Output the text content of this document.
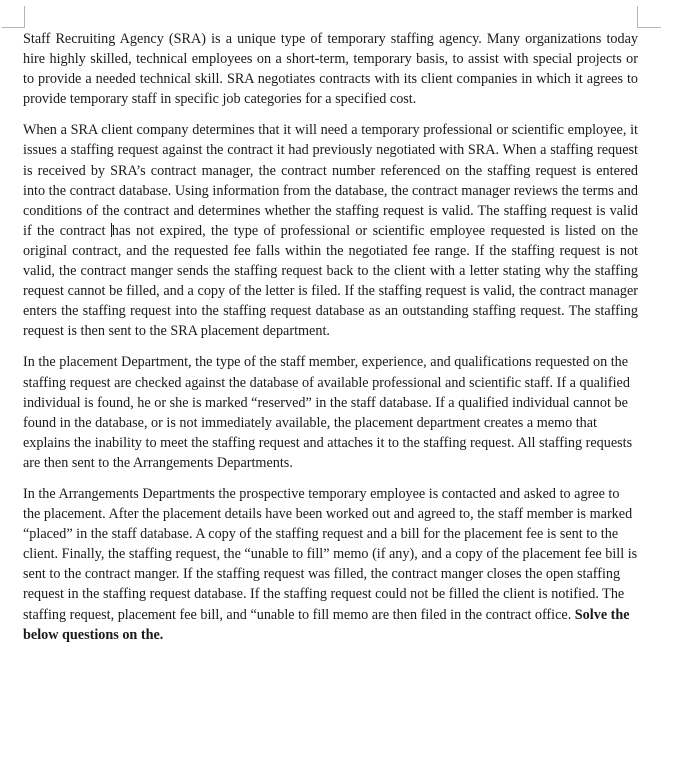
Staff Recruiting Agency (SRA) is a unique type of temporary staffing agency. Many organizations today hire highly skilled, technical employees on a short-term, temporary basis, to assist with special projects or to provide a needed technical skill. SRA negotiates contracts with its client companies in which it agrees to provide temporary staff in specific job categories for a specified cost.

When a SRA client company determines that it will need a temporary professional or scientific employee, it issues a staffing request against the contract it had previously negotiated with SRA. When a staffing request is received by SRA’s contract manager, the contract number referenced on the staffing request is entered into the contract database. Using information from the database, the contract manager reviews the terms and conditions of the contract and determines whether the staffing request is valid. The staffing request is valid if the contract has not expired, the type of professional or scientific employee requested is listed on the original contract, and the requested fee falls within the negotiated fee range. If the staffing request is not valid, the contract manger sends the staffing request back to the client with a letter stating why the staffing request cannot be filled, and a copy of the letter is filed. If the staffing request is valid, the contract manager enters the staffing request into the staffing request database as an outstanding staffing request. The staffing request is then sent to the SRA placement department.

In the placement Department, the type of the staff member, experience, and qualifications requested on the staffing request are checked against the database of available professional and scientific staff. If a qualified individual is found, he or she is marked “reserved” in the staff database. If a qualified individual cannot be found in the database, or is not immediately available, the placement department creates a memo that explains the inability to meet the staffing request and attaches it to the staffing request. All staffing requests are then sent to the Arrangements Departments.

In the Arrangements Departments the prospective temporary employee is contacted and asked to agree to the placement. After the placement details have been worked out and agreed to, the staff member is marked “placed” in the staff database. A copy of the staffing request and a bill for the placement fee is sent to the client. Finally, the staffing request, the “unable to fill” memo (if any), and a copy of the placement fee bill is sent to the contract manger. If the staffing request was filled, the contract manger closes the open staffing request in the staffing request database. If the staffing request could not be filled the client is notified. The staffing request, placement fee bill, and “unable to fill memo are then filed in the contract office. Solve the below questions on the.
